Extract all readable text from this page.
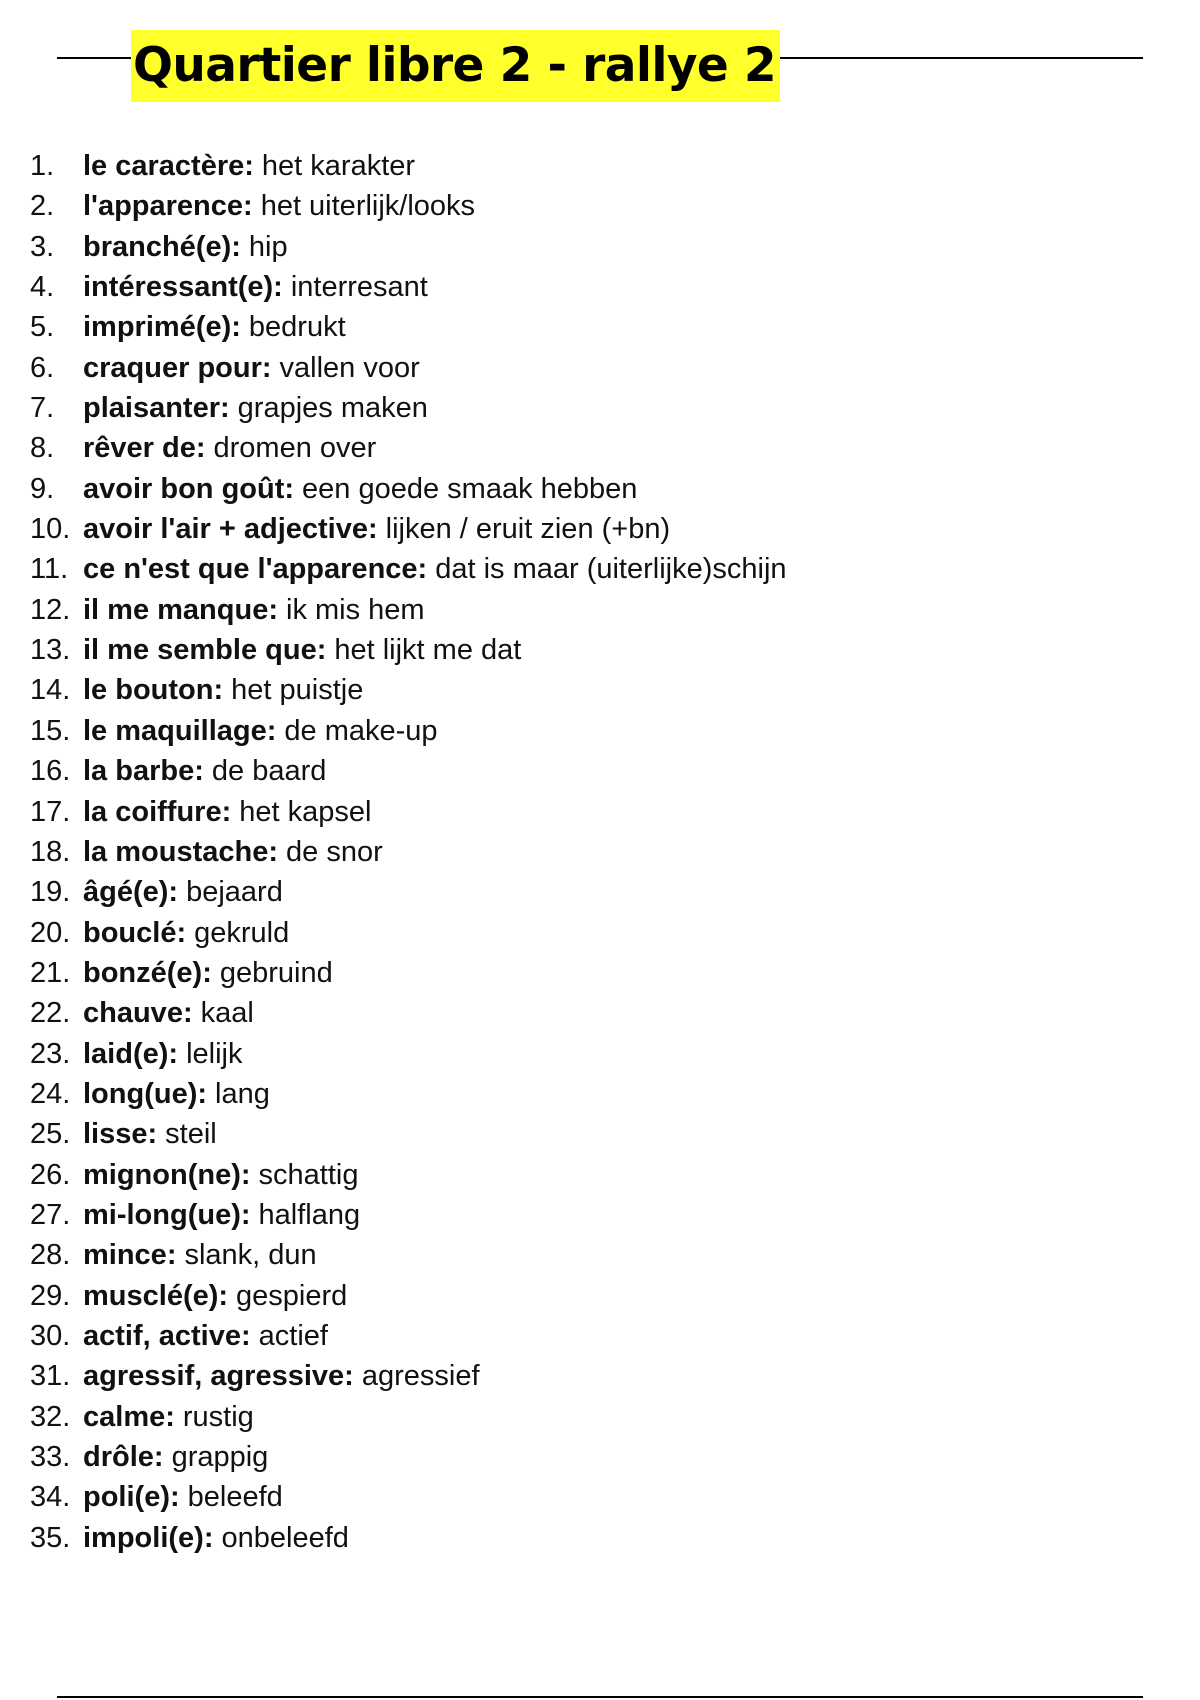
Quartier libre 2 - rallye 2
1. le caractère: het karakter
2. l'apparence: het uiterlijk/looks
3. branché(e): hip
4. intéressant(e): interresant
5. imprimé(e): bedrukt
6. craquer pour: vallen voor
7. plaisanter: grapjes maken
8. rêver de: dromen over
9. avoir bon goût: een goede smaak hebben
10. avoir l'air + adjective: lijken / eruit zien (+bn)
11. ce n'est que l'apparence: dat is maar (uiterlijke)schijn
12. il me manque: ik mis hem
13. il me semble que: het lijkt me dat
14. le bouton: het puistje
15. le maquillage: de make-up
16. la barbe: de baard
17. la coiffure: het kapsel
18. la moustache: de snor
19. âgé(e): bejaard
20. bouclé: gekruld
21. bonzé(e): gebruind
22. chauve: kaal
23. laid(e): lelijk
24. long(ue): lang
25. lisse: steil
26. mignon(ne): schattig
27. mi-long(ue): halflang
28. mince: slank, dun
29. musclé(e): gespierd
30. actif, active: actief
31. agressif, agressive: agressief
32. calme: rustig
33. drôle: grappig
34. poli(e): beleefd
35. impoli(e): onbeleefd
